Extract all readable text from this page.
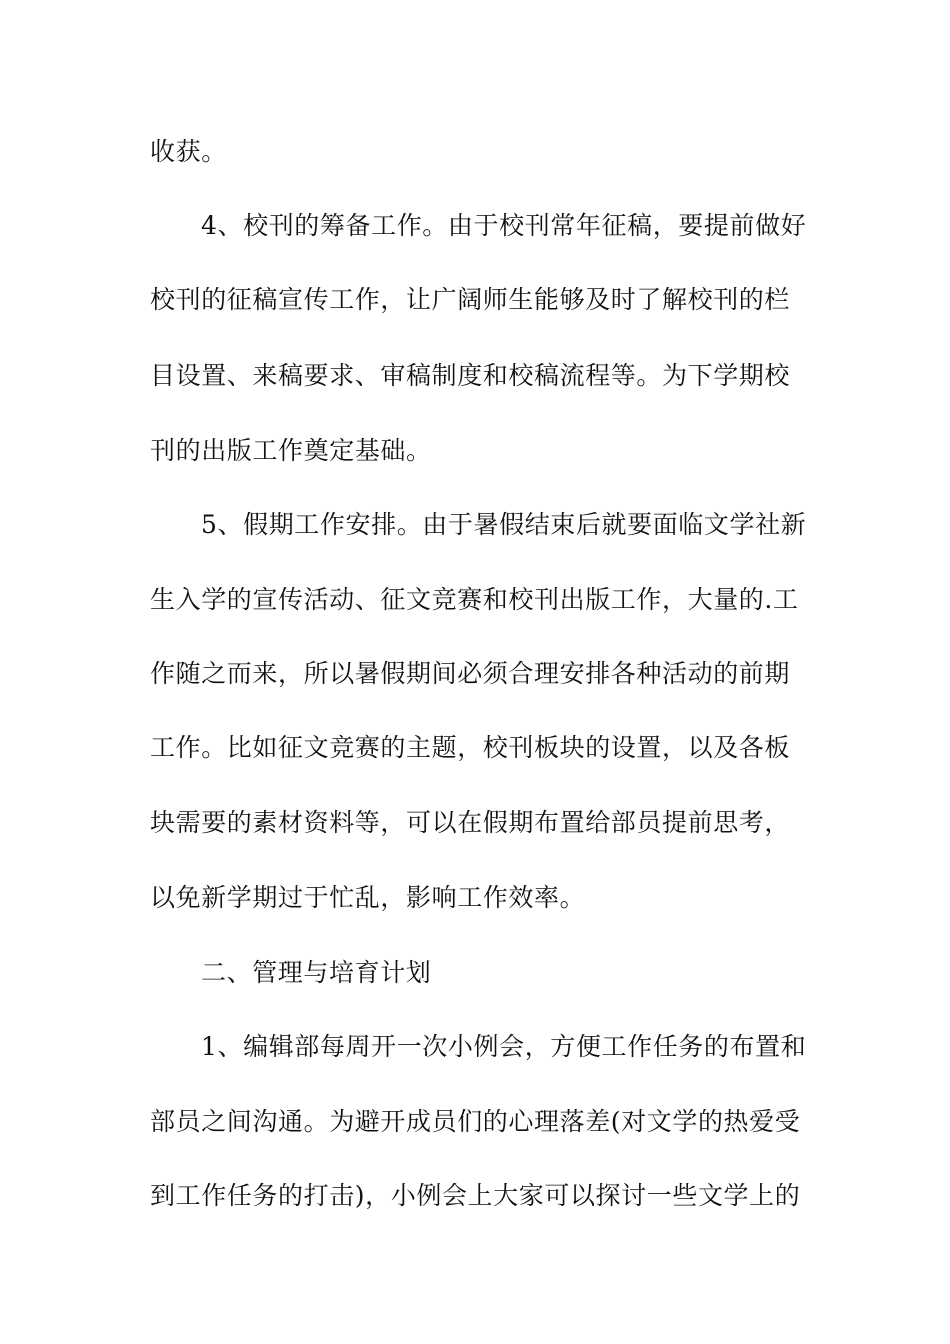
收获。
4、校刊的筹备工作。由于校刊常年征稿，要提前做好
校刊的征稿宣传工作，让广阔师生能够及时了解校刊的栏
目设置、来稿要求、审稿制度和校稿流程等。为下学期校
刊的出版工作奠定基础。
5、假期工作安排。由于暑假结束后就要面临文学社新
生入学的宣传活动、征文竞赛和校刊出版工作，大量的.工
作随之而来，所以暑假期间必须合理安排各种活动的前期
工作。比如征文竞赛的主题，校刊板块的设置，以及各板
块需要的素材资料等，可以在假期布置给部员提前思考，
以免新学期过于忙乱，影响工作效率。
二、管理与培育计划
1、编辑部每周开一次小例会，方便工作任务的布置和
部员之间沟通。为避开成员们的心理落差(对文学的热爱受
到工作任务的打击)，小例会上大家可以探讨一些文学上的
